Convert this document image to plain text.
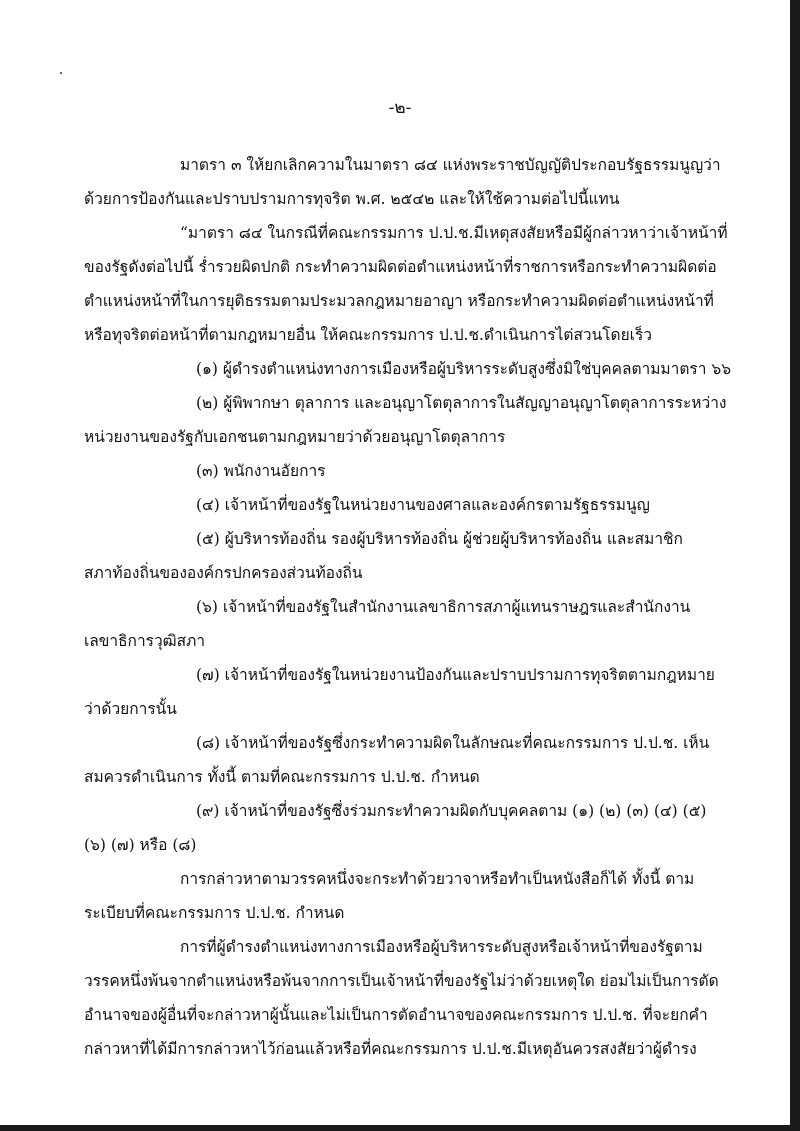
-๒-
มาตรา ๓ ให้ยกเลิกความในมาตรา ๘๔ แห่งพระราชบัญญัติประกอบรัฐธรรมนูญว่า
ด้วยการป้องกันและปราบปรามการทุจริต พ.ศ. ๒๕๔๒ และให้ใช้ความต่อไปนี้แทน
“มาตรา ๘๔ ในกรณีที่คณะกรรมการ ป.ป.ช.มีเหตุสงสัยหรือมีผู้กล่าวหาว่าเจ้าหน้าที่
ของรัฐดังต่อไปนี้ ร่ำรวยผิดปกติ กระทำความผิดต่อตำแหน่งหน้าที่ราชการหรือกระทำความผิดต่อ
ตำแหน่งหน้าที่ในการยุติธรรมตามประมวลกฎหมายอาญา หรือกระทำความผิดต่อตำแหน่งหน้าที่
หรือทุจริตต่อหน้าที่ตามกฎหมายอื่น ให้คณะกรรมการ ป.ป.ช.ดำเนินการไต่สวนโดยเร็ว
(๑) ผู้ดำรงตำแหน่งทางการเมืองหรือผู้บริหารระดับสูงซึ่งมิใช่บุคคลตามมาตรา ๖๖
(๒) ผู้พิพากษา ตุลาการ และอนุญาโตตุลาการในสัญญาอนุญาโตตุลาการระหว่าง
หน่วยงานของรัฐกับเอกชนตามกฎหมายว่าด้วยอนุญาโตตุลาการ
(๓) พนักงานอัยการ
(๔) เจ้าหน้าที่ของรัฐในหน่วยงานของศาลและองค์กรตามรัฐธรรมนูญ
(๕) ผู้บริหารท้องถิ่น รองผู้บริหารท้องถิ่น ผู้ช่วยผู้บริหารท้องถิ่น และสมาชิก
สภาท้องถิ่นขององค์กรปกครองส่วนท้องถิ่น
(๖) เจ้าหน้าที่ของรัฐในสำนักงานเลขาธิการสภาผู้แทนราษฎรและสำนักงาน
เลขาธิการวุฒิสภา
(๗) เจ้าหน้าที่ของรัฐในหน่วยงานป้องกันและปราบปรามการทุจริตตามกฎหมาย
ว่าด้วยการนั้น
(๘) เจ้าหน้าที่ของรัฐซึ่งกระทำความผิดในลักษณะที่คณะกรรมการ ป.ป.ช. เห็น
สมควรดำเนินการ ทั้งนี้ ตามที่คณะกรรมการ ป.ป.ช. กำหนด
(๙) เจ้าหน้าที่ของรัฐซึ่งร่วมกระทำความผิดกับบุคคลตาม (๑) (๒) (๓) (๔) (๕)
(๖) (๗) หรือ (๘)
การกล่าวหาตามวรรคหนึ่งจะกระทำด้วยวาจาหรือทำเป็นหนังสือก็ได้ ทั้งนี้ ตาม
ระเบียบที่คณะกรรมการ ป.ป.ช. กำหนด
การที่ผู้ดำรงตำแหน่งทางการเมืองหรือผู้บริหารระดับสูงหรือเจ้าหน้าที่ของรัฐตาม
วรรคหนึ่งพ้นจากตำแหน่งหรือพ้นจากการเป็นเจ้าหน้าที่ของรัฐไม่ว่าด้วยเหตุใด ย่อมไม่เป็นการตัด
อำนาจของผู้อื่นที่จะกล่าวหาผู้นั้นและไม่เป็นการตัดอำนาจของคณะกรรมการ ป.ป.ช. ที่จะยกคำ
กล่าวหาที่ได้มีการกล่าวหาไว้ก่อนแล้วหรือที่คณะกรรมการ ป.ป.ช.มีเหตุอันควรสงสัยว่าผู้ดำรง
